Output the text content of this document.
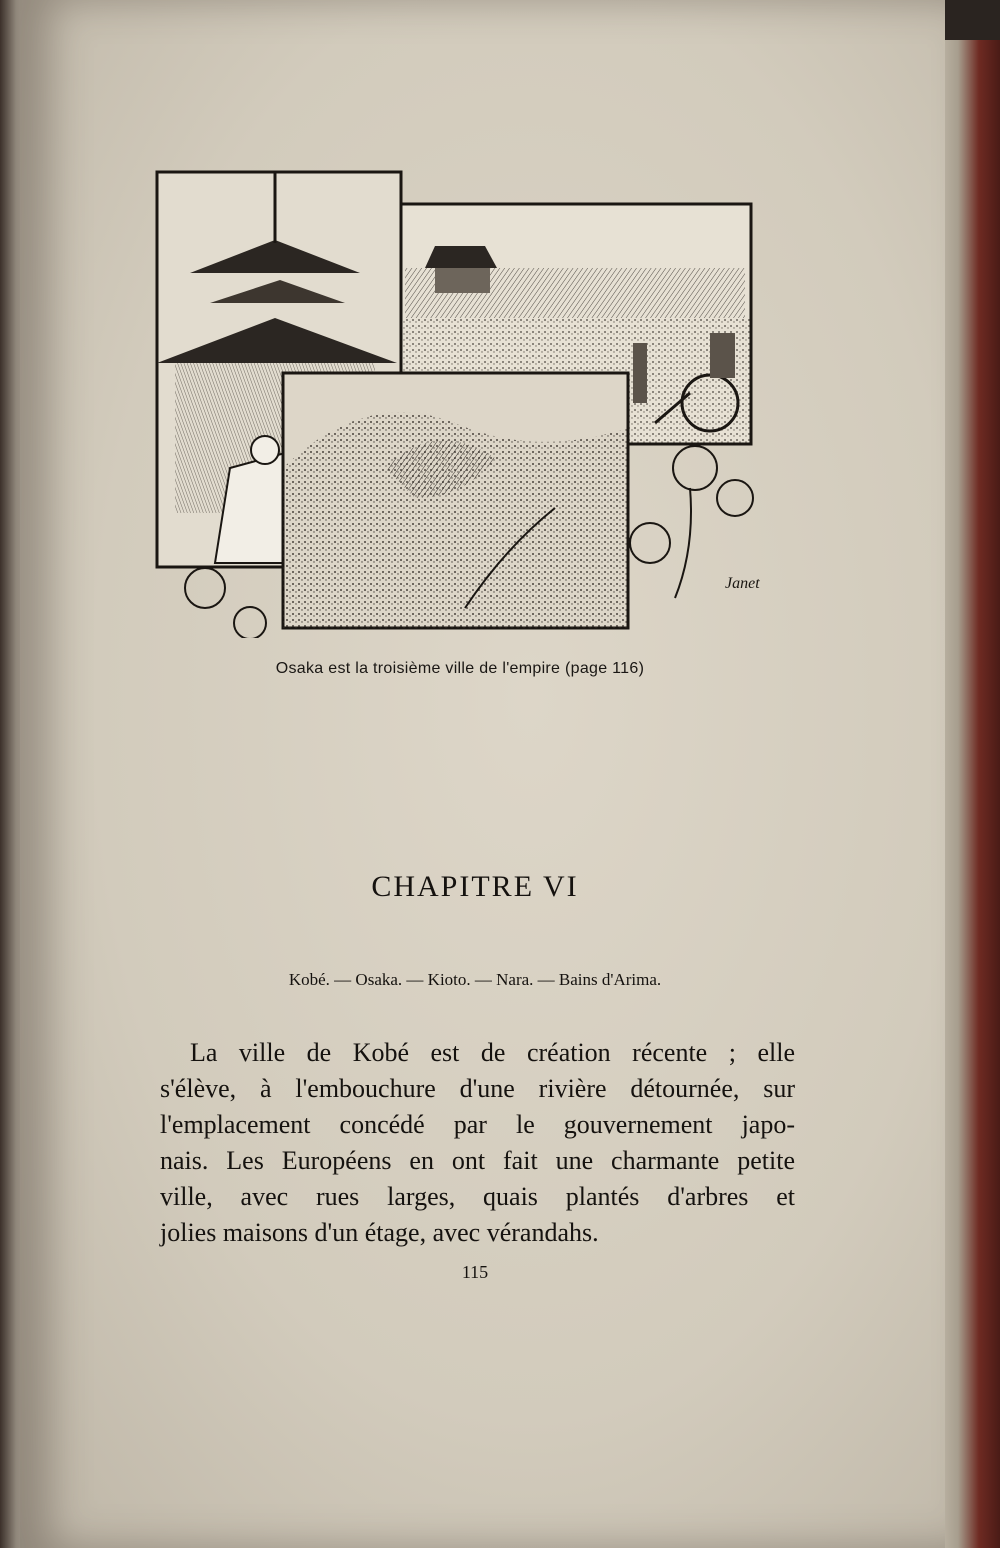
Janet
Osaka est la troisième ville de l'empire (page 116)
CHAPITRE VI
Kobé. — Osaka. — Kioto. — Nara. — Bains d'Arima.
La ville de Kobé est de création récente ; elle
s'élève, à l'embouchure d'une rivière détournée, sur
l'emplacement concédé par le gouvernement japo-
nais. Les Européens en ont fait une charmante petite
ville, avec rues larges, quais plantés d'arbres et
jolies maisons d'un étage, avec vérandahs.
115
